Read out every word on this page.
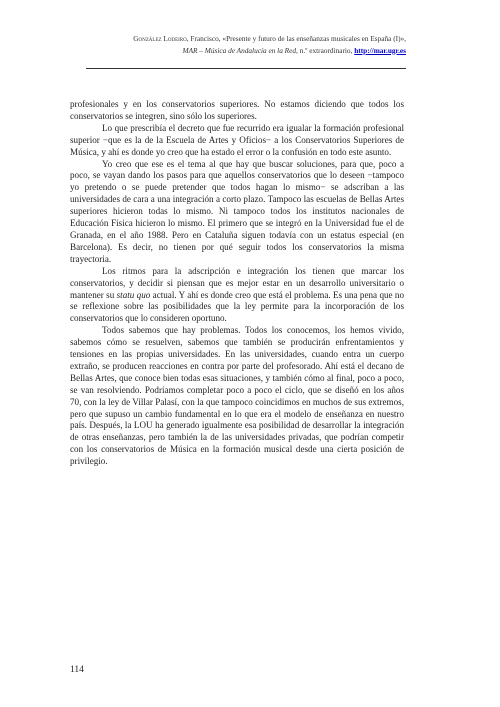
González Lodeiro, Francisco, «Presente y futuro de las enseñanzas musicales en España (I)»,
MAR – Música de Andalucía en la Red, n.º extraordinario, http://mar.ugr.es

profesionales y en los conservatorios superiores. No estamos diciendo que todos los conservatorios se integren, sino sólo los superiores.

Lo que prescribía el decreto que fue recurrido era igualar la formación profesional superior −que es la de la Escuela de Artes y Oficios− a los Conservatorios Superiores de Música, y ahí es donde yo creo que ha estado el error o la confusión en todo este asunto.

Yo creo que ese es el tema al que hay que buscar soluciones, para que, poco a poco, se vayan dando los pasos para que aquellos conservatorios que lo deseen −tampoco yo pretendo o se puede pretender que todos hagan lo mismo− se adscriban a las universidades de cara a una integración a corto plazo. Tampoco las escuelas de Bellas Artes superiores hicieron todas lo mismo. Ni tampoco todos los institutos nacionales de Educación Física hicieron lo mismo. El primero que se integró en la Universidad fue el de Granada, en el año 1988. Pero en Cataluña siguen todavía con un estatus especial (en Barcelona). Es decir, no tienen por qué seguir todos los conservatorios la misma trayectoria.

Los ritmos para la adscripción e integración los tienen que marcar los conservatorios, y decidir si piensan que es mejor estar en un desarrollo universitario o mantener su statu quo actual. Y ahí es donde creo que está el problema. Es una pena que no se reflexione sobre las posibilidades que la ley permite para la incorporación de los conservatorios que lo consideren oportuno.

Todos sabemos que hay problemas. Todos los conocemos, los hemos vivido, sabemos cómo se resuelven, sabemos que también se producirán enfrentamientos y tensiones en las propias universidades. En las universidades, cuando entra un cuerpo extraño, se producen reacciones en contra por parte del profesorado. Ahí está el decano de Bellas Artes, que conoce bien todas esas situaciones, y también cómo al final, poco a poco, se van resolviendo. Podríamos completar poco a poco el ciclo, que se diseñó en los años 70, con la ley de Villar Palasí, con la que tampoco coincidimos en muchos de sus extremos, pero que supuso un cambio fundamental en lo que era el modelo de enseñanza en nuestro país. Después, la LOU ha generado igualmente esa posibilidad de desarrollar la integración de otras enseñanzas, pero también la de las universidades privadas, que podrían competir con los conservatorios de Música en la formación musical desde una cierta posición de privilegio.

114
